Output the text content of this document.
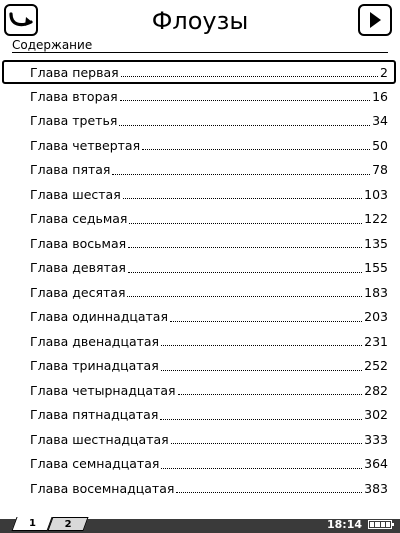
Флоузы
Содержание
Глава первая	2
Глава вторая	16
Глава третья	34
Глава четвертая	50
Глава пятая	78
Глава шестая	103
Глава седьмая	122
Глава восьмая	135
Глава девятая	155
Глава десятая	183
Глава одиннадцатая	203
Глава двенадцатая	231
Глава тринадцатая	252
Глава четырнадцатая	282
Глава пятнадцатая	302
Глава шестнадцатая	333
Глава семнадцатая	364
Глава восемнадцатая	383
1	2	18:14
